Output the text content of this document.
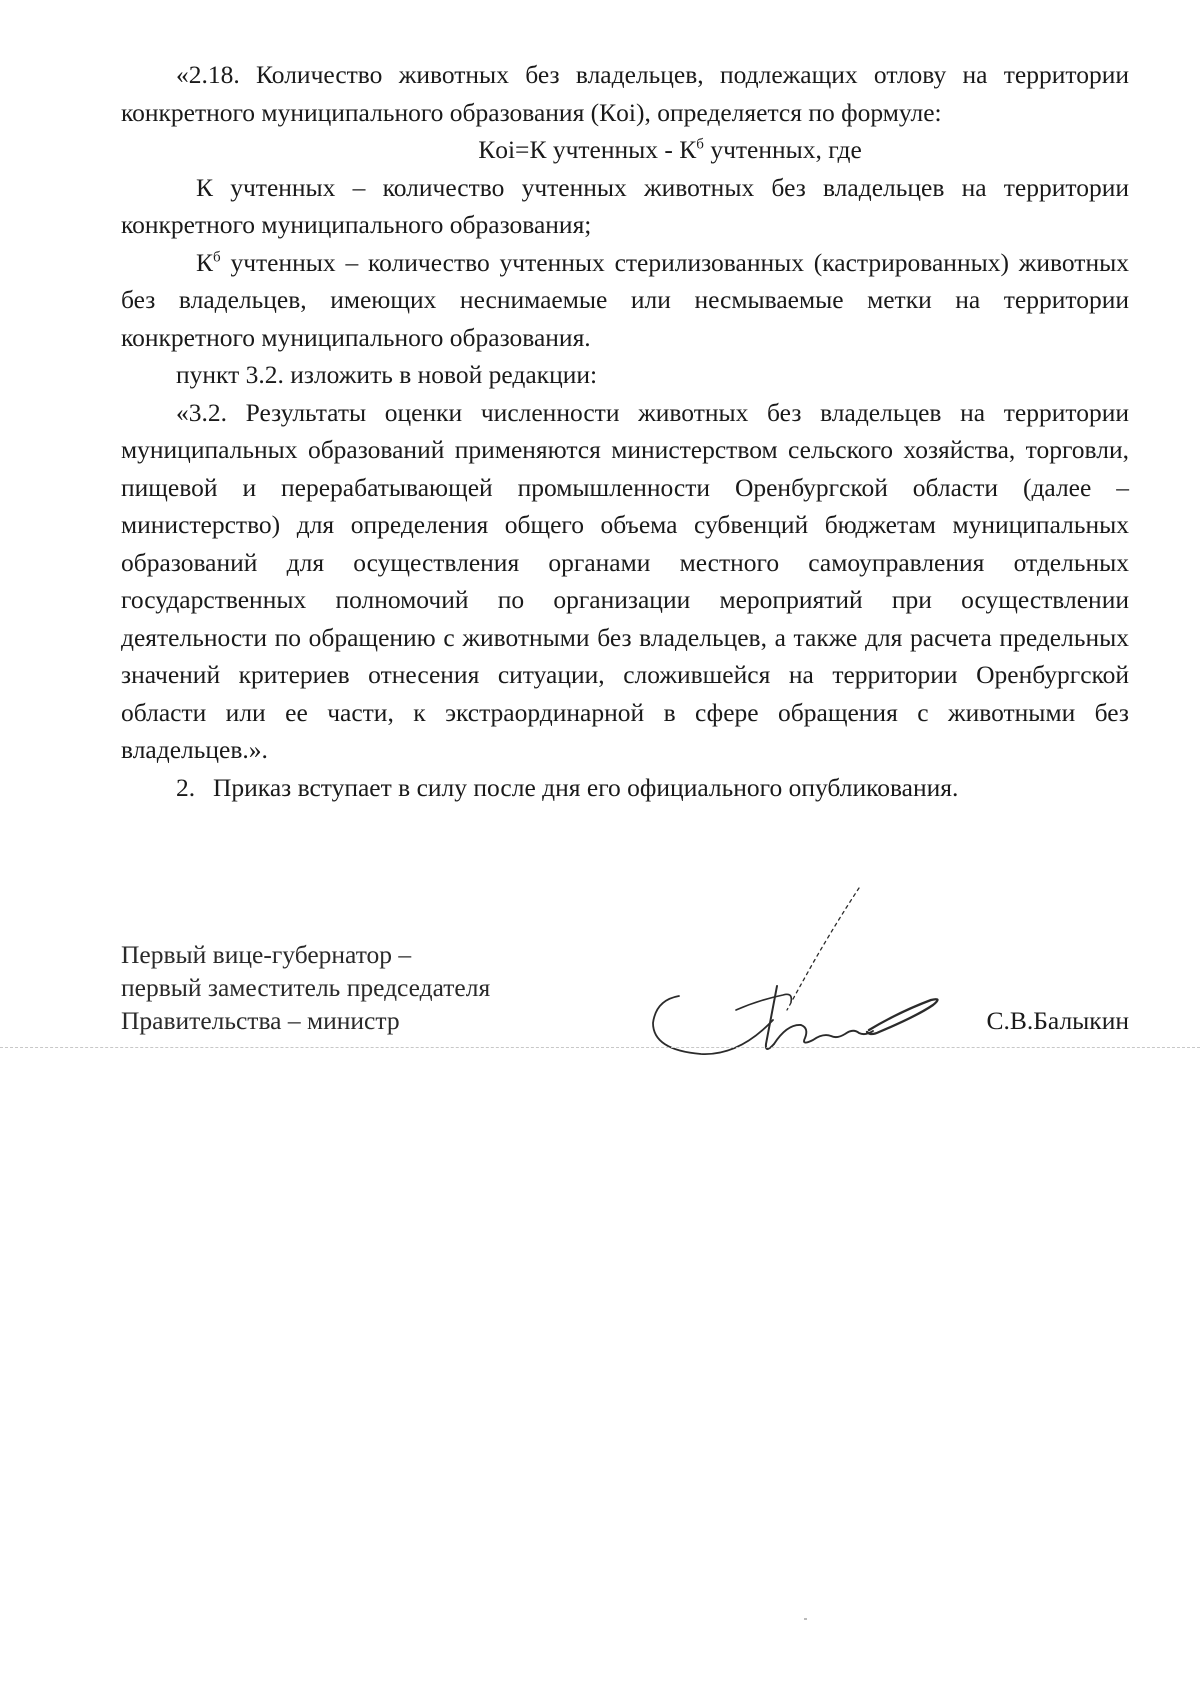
«2.18. Количество животных без владельцев, подлежащих отлову на территории конкретного муниципального образования (Кoi), определяется по формуле:

Кoi=К учтенных - $К^б$ учтенных, где

К учтенных – количество учтенных животных без владельцев на территории конкретного муниципального образования;

$К^б$ учтенных – количество учтенных стерилизованных (кастрированных) животных без владельцев, имеющих неснимаемые или несмываемые метки на территории конкретного муниципального образования.

пункт 3.2. изложить в новой редакции:

«3.2. Результаты оценки численности животных без владельцев на территории муниципальных образований применяются министерством сельского хозяйства, торговли, пищевой и перерабатывающей промышленности Оренбургской области (далее – министерство) для определения общего объема субвенций бюджетам муниципальных образований для осуществления органами местного самоуправления отдельных государственных полномочий по организации мероприятий при осуществлении деятельности по обращению с животными без владельцев, а также для расчета предельных значений критериев отнесения ситуации, сложившейся на территории Оренбургской области или ее части, к экстраординарной в сфере обращения с животными без владельцев.».

2. Приказ вступает в силу после дня его официального опубликования.

Первый вице-губернатор –
первый заместитель председателя
Правительства – министр	С.В.Балыкин
